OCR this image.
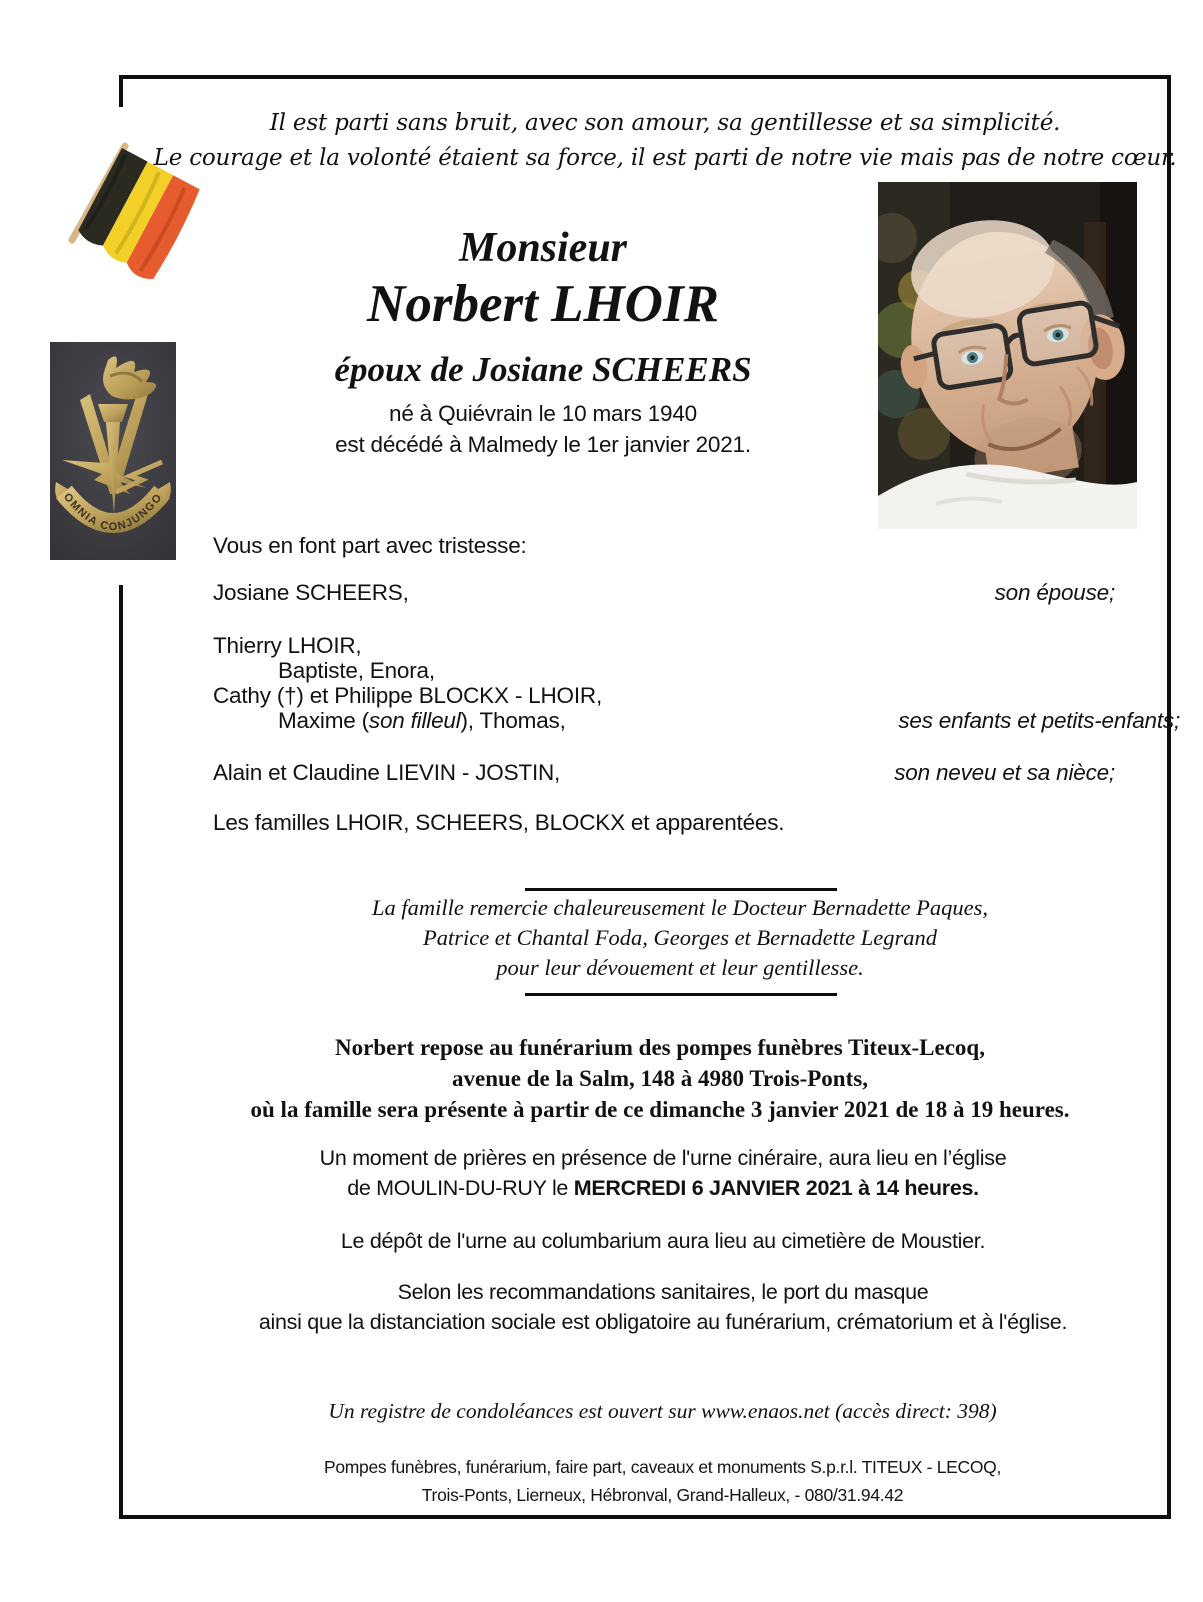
OMNIA CONJUNGO
Il est parti sans bruit, avec son amour, sa gentillesse et sa simplicité.
Le courage et la volonté étaient sa force, il est parti de notre vie mais pas de notre cœur.
Monsieur
Norbert LHOIR
époux de Josiane SCHEERS
né à Quiévrain le 10 mars 1940
est décédé à Malmedy le 1er janvier 2021.
Vous en font part avec tristesse:
Josiane SCHEERS,	son épouse;
Thierry LHOIR,
Baptiste, Enora,
Cathy (†) et Philippe BLOCKX - LHOIR,
Maxime (son filleul), Thomas,	ses enfants et petits-enfants;
Alain et Claudine LIEVIN - JOSTIN,	son neveu et sa nièce;
Les familles LHOIR, SCHEERS, BLOCKX et apparentées.
La famille remercie chaleureusement le Docteur Bernadette Paques,
Patrice et Chantal Foda, Georges et Bernadette Legrand
pour leur dévouement et leur gentillesse.
Norbert repose au funérarium des pompes funèbres Titeux-Lecoq,
avenue de la Salm, 148 à 4980 Trois-Ponts,
où la famille sera présente à partir de ce dimanche 3 janvier 2021 de 18 à 19 heures.
Un moment de prières en présence de l'urne cinéraire, aura lieu en l’église
de MOULIN-DU-RUY le MERCREDI 6 JANVIER 2021 à 14 heures.
Le dépôt de l'urne au columbarium aura lieu au cimetière de Moustier.
Selon les recommandations sanitaires, le port du masque
ainsi que la distanciation sociale est obligatoire au funérarium, crématorium et à l'église.
Un registre de condoléances est ouvert sur www.enaos.net (accès direct: 398)
Pompes funèbres, funérarium, faire part, caveaux et monuments S.p.r.l. TITEUX - LECOQ,
Trois-Ponts, Lierneux, Hébronval, Grand-Halleux, - 080/31.94.42
